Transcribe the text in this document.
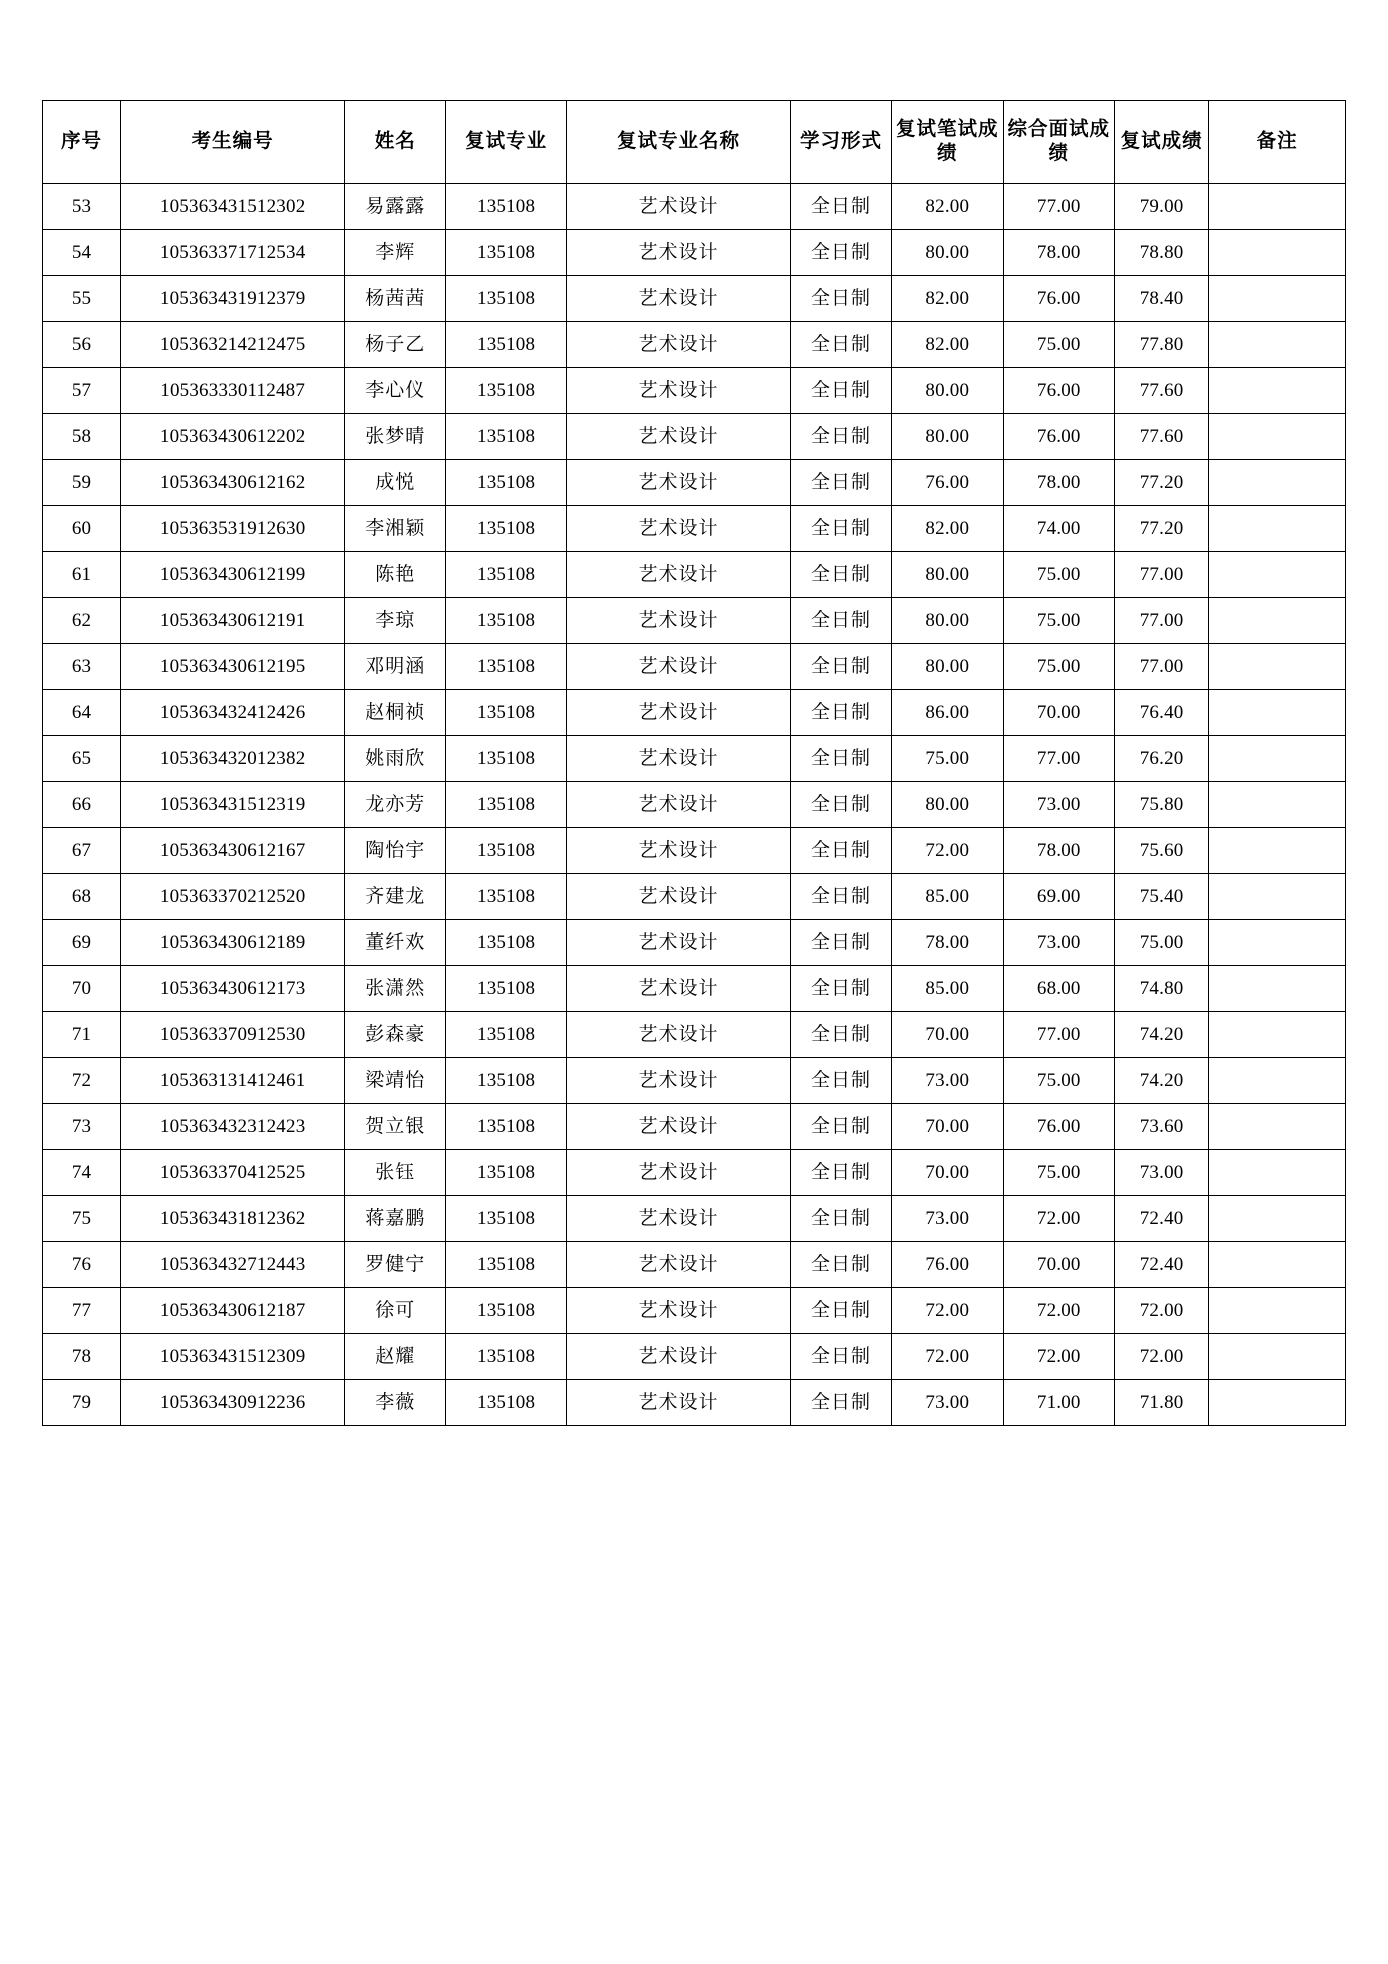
序号	考生编号	姓名	复试专业	复试专业名称	学习形式	复试笔试成绩	综合面试成绩	复试成绩	备注
53	105363431512302	易露露	135108	艺术设计	全日制	82.00	77.00	79.00	
54	105363371712534	李辉	135108	艺术设计	全日制	80.00	78.00	78.80	
55	105363431912379	杨茜茜	135108	艺术设计	全日制	82.00	76.00	78.40	
56	105363214212475	杨子乙	135108	艺术设计	全日制	82.00	75.00	77.80	
57	105363330112487	李心仪	135108	艺术设计	全日制	80.00	76.00	77.60	
58	105363430612202	张梦晴	135108	艺术设计	全日制	80.00	76.00	77.60	
59	105363430612162	成悦	135108	艺术设计	全日制	76.00	78.00	77.20	
60	105363531912630	李湘颖	135108	艺术设计	全日制	82.00	74.00	77.20	
61	105363430612199	陈艳	135108	艺术设计	全日制	80.00	75.00	77.00	
62	105363430612191	李琼	135108	艺术设计	全日制	80.00	75.00	77.00	
63	105363430612195	邓明涵	135108	艺术设计	全日制	80.00	75.00	77.00	
64	105363432412426	赵桐祯	135108	艺术设计	全日制	86.00	70.00	76.40	
65	105363432012382	姚雨欣	135108	艺术设计	全日制	75.00	77.00	76.20	
66	105363431512319	龙亦芳	135108	艺术设计	全日制	80.00	73.00	75.80	
67	105363430612167	陶怡宇	135108	艺术设计	全日制	72.00	78.00	75.60	
68	105363370212520	齐建龙	135108	艺术设计	全日制	85.00	69.00	75.40	
69	105363430612189	董纤欢	135108	艺术设计	全日制	78.00	73.00	75.00	
70	105363430612173	张潇然	135108	艺术设计	全日制	85.00	68.00	74.80	
71	105363370912530	彭森豪	135108	艺术设计	全日制	70.00	77.00	74.20	
72	105363131412461	梁靖怡	135108	艺术设计	全日制	73.00	75.00	74.20	
73	105363432312423	贺立银	135108	艺术设计	全日制	70.00	76.00	73.60	
74	105363370412525	张钰	135108	艺术设计	全日制	70.00	75.00	73.00	
75	105363431812362	蒋嘉鹏	135108	艺术设计	全日制	73.00	72.00	72.40	
76	105363432712443	罗健宁	135108	艺术设计	全日制	76.00	70.00	72.40	
77	105363430612187	徐可	135108	艺术设计	全日制	72.00	72.00	72.00	
78	105363431512309	赵耀	135108	艺术设计	全日制	72.00	72.00	72.00	
79	105363430912236	李薇	135108	艺术设计	全日制	73.00	71.00	71.80	
